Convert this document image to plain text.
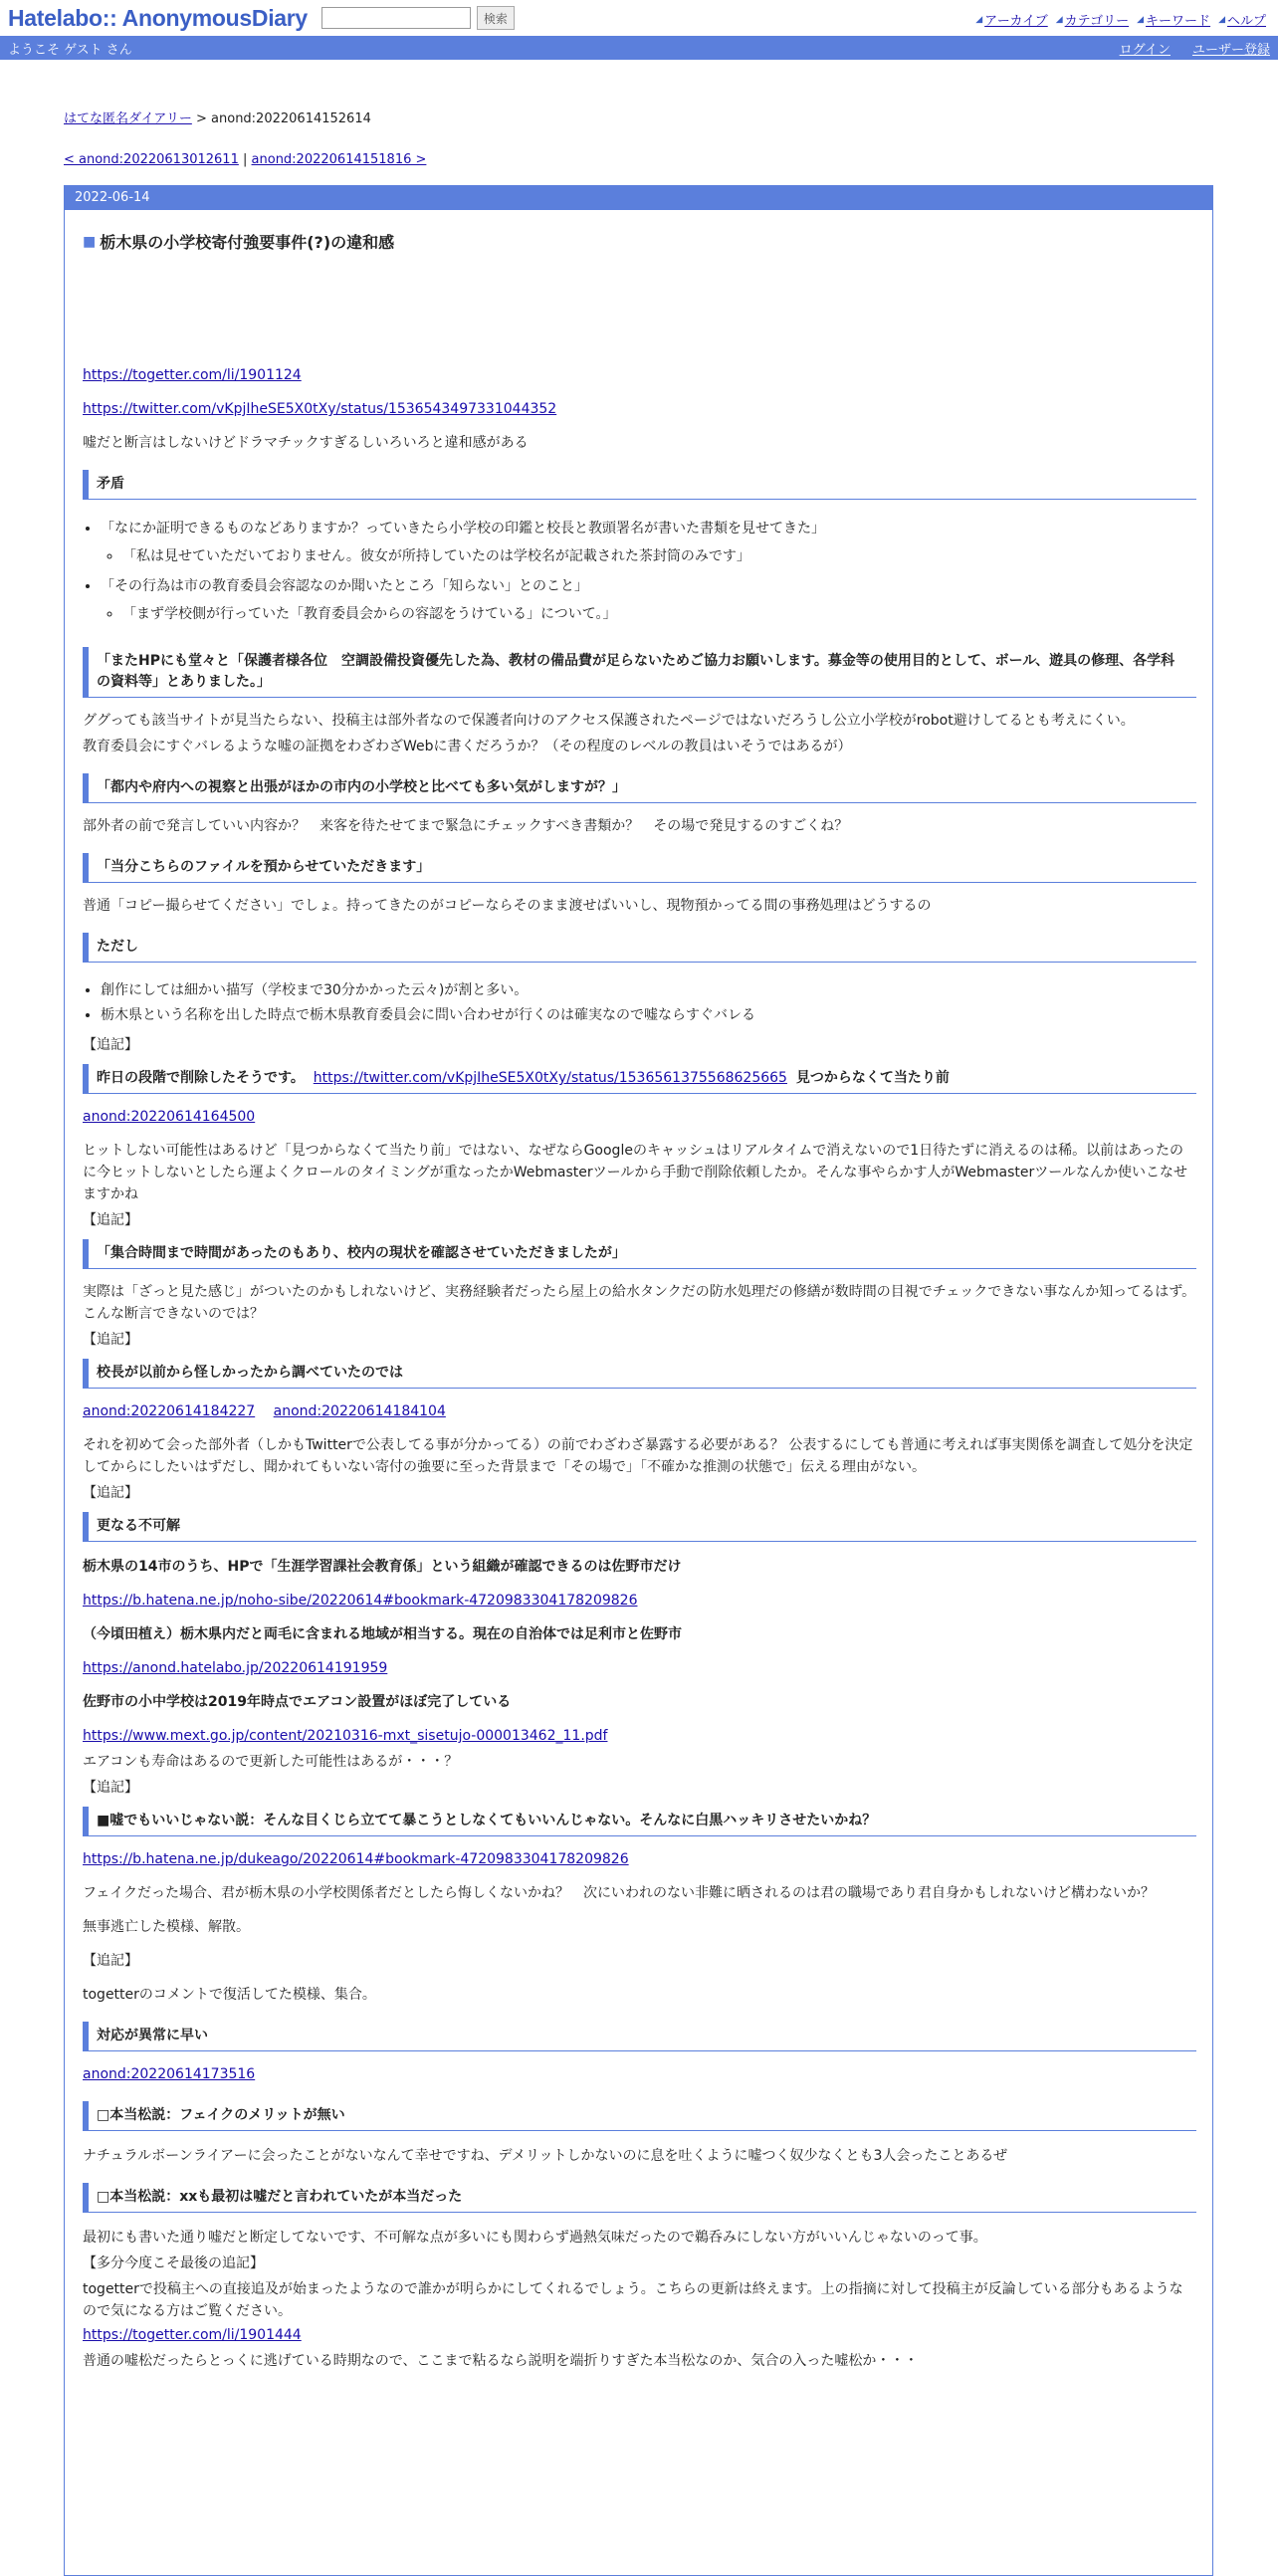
Hatelabo:: AnonymousDiary	検索	◢ アーカイブ ◢ カテゴリー ◢ キーワード ◢ ヘルプ
ようこそ ゲスト さん	ログイン ユーザー登録
はてな匿名ダイアリー > anond:20220614152614
< anond:20220613012611 | anond:20220614151816 >
2022-06-14
■ 栃木県の小学校寄付強要事件(?)の違和感

https://togetter.com/li/1901124

https://twitter.com/vKpjIheSE5X0tXy/status/1536543497331044352

嘘だと断言はしないけどドラマチックすぎるしいろいろと違和感がある

矛盾
• 「なにか証明できるものなどありますか？っていきたら小学校の印鑑と校長と教頭署名が書いた書類を見せてきた」
◦ 「私は見せていただいておりません。彼女が所持していたのは学校名が記載された茶封筒のみです」
• 「その行為は市の教育委員会容認なのか聞いたところ「知らない」とのこと」
◦ 「まず学校側が行っていた「教育委員会からの容認をうけている」について。」
「またHPにも堂々と「保護者様各位　空調設備投資優先した為、教材の備品費が足らないためご協力お願いします。募金等の使用目的として、ボール、遊具の修理、各学科の資料等」とありました。」

ググっても該当サイトが見当たらない、投稿主は部外者なので保護者向けのアクセス保護されたページではないだろうし公立小学校がrobot避けしてるとも考えにくい。

教育委員会にすぐバレるような嘘の証拠をわざわざWebに書くだろうか？（その程度のレベルの教員はいそうではあるが）

「都内や府内への視察と出張がほかの市内の小学校と比べても多い気がしますが？」

部外者の前で発言していい内容か？　来客を待たせてまで緊急にチェックすべき書類か？　その場で発見するのすごくね？

「当分こちらのファイルを預からせていただきます」

普通「コピー撮らせてください」でしょ。持ってきたのがコピーならそのまま渡せばいいし、現物預かってる間の事務処理はどうするの

ただし
• 創作にしては細かい描写（学校まで30分かかった云々)が割と多い。
• 栃木県という名称を出した時点で栃木県教育委員会に問い合わせが行くのは確実なので嘘ならすぐバレる

【追記】

昨日の段階で削除したそうです。 https://twitter.com/vKpjIheSE5X0tXy/status/1536561375568625665 見つからなくて当たり前

anond:20220614164500

ヒットしない可能性はあるけど「見つからなくて当たり前」ではない、なぜならGoogleのキャッシュはリアルタイムで消えないので1日待たずに消えるのは稀。以前はあったのに今ヒットしないとしたら運よくクロールのタイミングが重なったかWebmasterツールから手動で削除依頼したか。そんな事やらかす人がWebmasterツールなんか使いこなせますかね

【追記】

「集合時間まで時間があったのもあり、校内の現状を確認させていただきましたが」

実際は「ざっと見た感じ」がついたのかもしれないけど、実務経験者だったら屋上の給水タンクだの防水処理だの修繕が数時間の目視でチェックできない事なんか知ってるはず。こんな断言できないのでは？

【追記】

校長が以前から怪しかったから調べていたのでは
anond:20220614184227 anond:20220614184104

それを初めて会った部外者（しかもTwitterで公表してる事が分かってる）の前でわざわざ暴露する必要がある？ 公表するにしても普通に考えれば事実関係を調査して処分を決定してからにしたいはずだし、聞かれてもいない寄付の強要に至った背景まで「その場で」「不確かな推測の状態で」伝える理由がない。

【追記】

更なる不可解

栃木県の14市のうち、HPで「生涯学習課社会教育係」という組織が確認できるのは佐野市だけ

https://b.hatena.ne.jp/noho-sibe/20220614#bookmark-4720983304178209826

（今頃田植え）栃木県内だと両毛に含まれる地域が相当する。現在の自治体では足利市と佐野市

https://anond.hatelabo.jp/20220614191959

佐野市の小中学校は2019年時点でエアコン設置がほぼ完了している

https://www.mext.go.jp/content/20210316-mxt_sisetujo-000013462_11.pdf

エアコンも寿命はあるので更新した可能性はあるが・・・？

【追記】

■嘘でもいいじゃない説：そんな目くじら立てて暴こうとしなくてもいいんじゃない。そんなに白黒ハッキリさせたいかね？

https://b.hatena.ne.jp/dukeago/20220614#bookmark-4720983304178209826

フェイクだった場合、君が栃木県の小学校関係者だとしたら悔しくないかね？　次にいわれのない非難に晒されるのは君の職場であり君自身かもしれないけど構わないか？

無事逃亡した模様、解散。

【追記】

togetterのコメントで復活してた模様、集合。

対応が異常に早い

anond:20220614173516

□本当松説：フェイクのメリットが無い

ナチュラルボーンライアーに会ったことがないなんて幸せですね、デメリットしかないのに息を吐くように嘘つく奴少なくとも3人会ったことあるぜ

□本当松説：xxも最初は嘘だと言われていたが本当だった

最初にも書いた通り嘘だと断定してないです、不可解な点が多いにも関わらず過熱気味だったので鵜呑みにしない方がいいんじゃないのって事。

【多分今度こそ最後の追記】

togetterで投稿主への直接追及が始まったようなので誰かが明らかにしてくれるでしょう。こちらの更新は終えます。上の指摘に対して投稿主が反論している部分もあるようなので気になる方はご覧ください。

https://togetter.com/li/1901444

普通の嘘松だったらとっくに逃げている時期なので、ここまで粘るなら説明を端折りすぎた本当松なのか、気合の入った嘘松か・・・
